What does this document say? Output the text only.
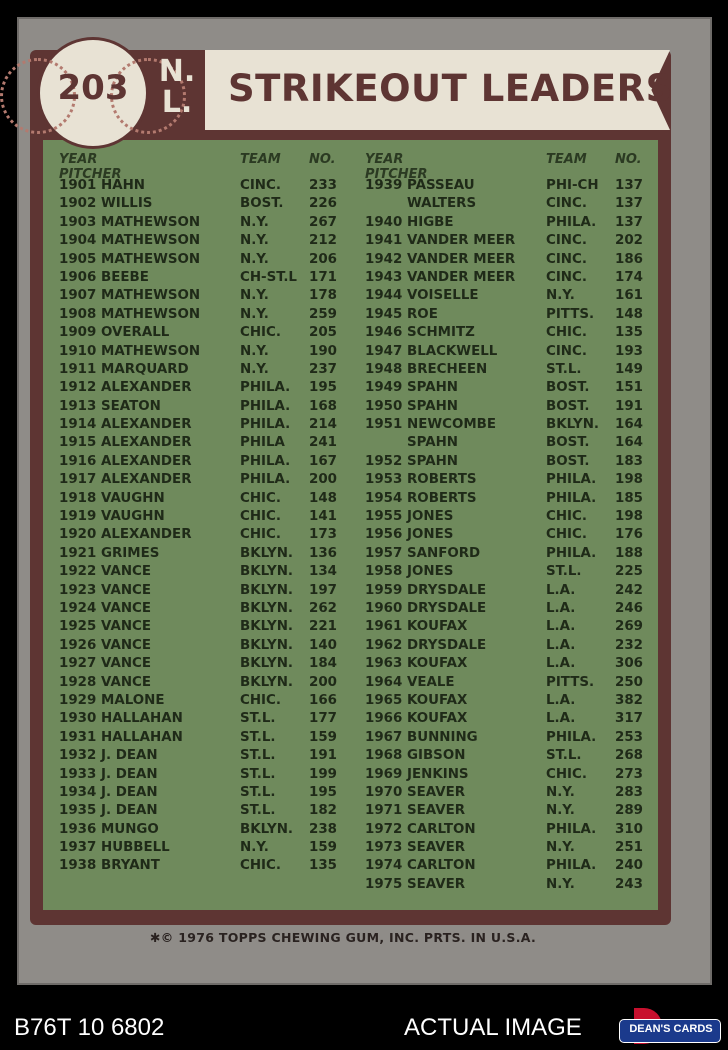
203	N.
L. STRIKEOUT LEADERS
YEAR PITCHER
TEAM	NO.
1901 HAHN	CINC.	233
1902 WILLIS	BOST.	226
1903 MATHEWSON	N.Y.	267
1904 MATHEWSON	N.Y.	212
1905 MATHEWSON	N.Y.	206
1906 BEEBE	CH-ST.L 171
1907 MATHEWSON	N.Y.	178
1908 MATHEWSON	N.Y.	259
1909 OVERALL	CHIC.	205
1910 MATHEWSON	N.Y.	190
1911 MARQUARD	N.Y.	237
1912 ALEXANDER	PHILA.	195
1913 SEATON	PHILA.	168
1914 ALEXANDER	PHILA.	214
1915 ALEXANDER	PHILA	241
1916 ALEXANDER	PHILA.	167
1917 ALEXANDER	PHILA.	200
1918 VAUGHN	CHIC.	148
1919 VAUGHN	CHIC.	141
1920 ALEXANDER	CHIC.	173
1921 GRIMES	BKLYN.	136
1922 VANCE	BKLYN.	134
1923 VANCE	BKLYN.	197
1924 VANCE	BKLYN.	262
1925 VANCE	BKLYN.	221
1926 VANCE	BKLYN.	140
1927 VANCE	BKLYN.	184
1928 VANCE	BKLYN.	200
1929 MALONE	CHIC.	166
1930 HALLAHAN	ST.L.	177
1931 HALLAHAN	ST.L.	159
1932 J. DEAN	ST.L.	191
1933 J. DEAN	ST.L.	199
1934 J. DEAN	ST.L.	195
1935 J. DEAN	ST.L.	182
1936 MUNGO	BKLYN.	238
1937 HUBBELL	N.Y.	159
1938 BRYANT	CHIC.	135
YEAR PITCHER
TEAM	NO.
1939 PASSEAU	PHI-CH	137
WALTERS	CINC.	137
1940 HIGBE	PHILA.	137
1941 VANDER MEER	CINC.	202
1942 VANDER MEER	CINC.	186
1943 VANDER MEER	CINC.	174
1944 VOISELLE	N.Y.	161
1945 ROE	PITTS.	148
1946 SCHMITZ	CHIC.	135
1947 BLACKWELL	CINC.	193
1948 BRECHEEN	ST.L.	149
1949 SPAHN	BOST.	151
1950 SPAHN	BOST.	191
1951 NEWCOMBE	BKLYN.	164
SPAHN	BOST.	164
1952 SPAHN	BOST.	183
1953 ROBERTS	PHILA.	198
1954 ROBERTS	PHILA.	185
1955 JONES	CHIC.	198
1956 JONES	CHIC.	176
1957 SANFORD	PHILA.	188
1958 JONES	ST.L.	225
1959 DRYSDALE	L.A.	242
1960 DRYSDALE	L.A.	246
1961 KOUFAX	L.A.	269
1962 DRYSDALE	L.A.	232
1963 KOUFAX	L.A.	306
1964 VEALE	PITTS.	250
1965 KOUFAX	L.A.	382
1966 KOUFAX	L.A.	317
1967 BUNNING	PHILA.	253
1968 GIBSON	ST.L.	268
1969 JENKINS	CHIC.	273
1970 SEAVER	N.Y.	283
1971 SEAVER	N.Y.	289
1972 CARLTON	PHILA.	310
1973 SEAVER	N.Y.	251
1974 CARLTON	PHILA.	240
1975 SEAVER	N.Y.	243
✱© 1976 TOPPS CHEWING GUM, INC. PRTS. IN U.S.A.
B76T 10 6802	ACTUAL IMAGE	DEAN'S CARDS
